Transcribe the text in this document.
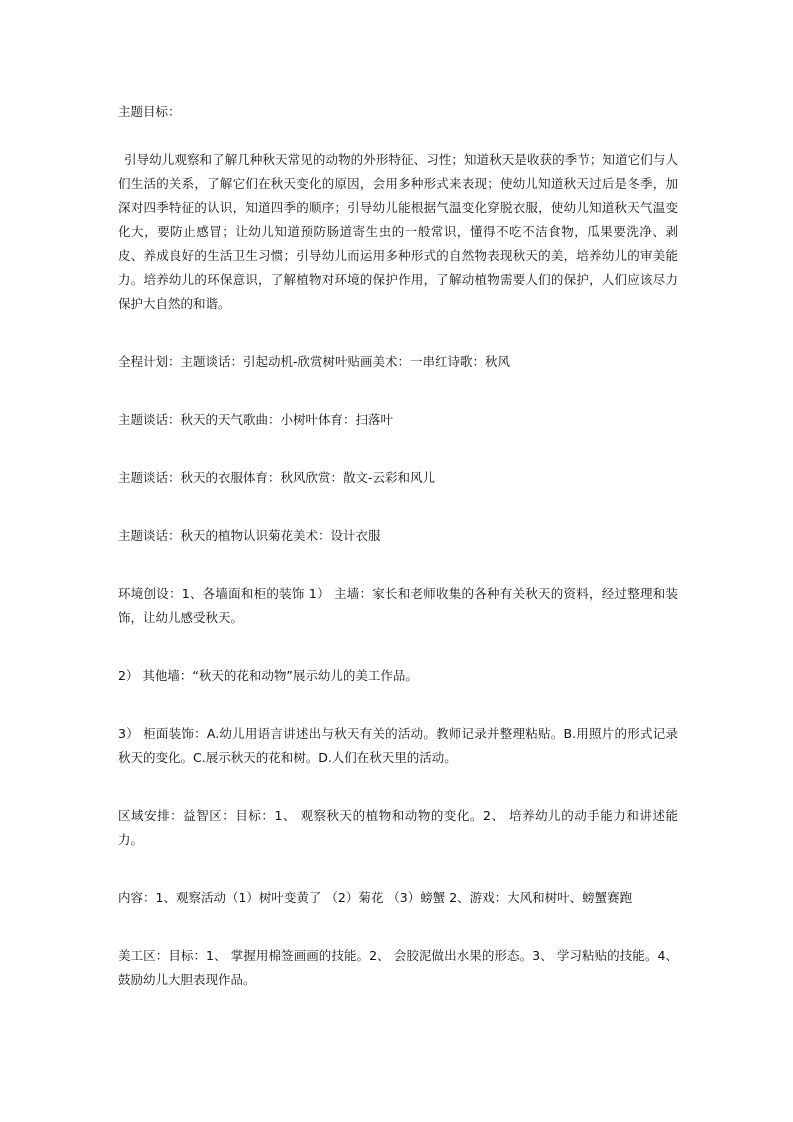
主题目标：

引导幼儿观察和了解几种秋天常见的动物的外形特征、习性；知道秋天是收获的季节；知道它们与人们生活的关系，了解它们在秋天变化的原因，会用多种形式来表现；使幼儿知道秋天过后是冬季，加深对四季特征的认识，知道四季的顺序；引导幼儿能根据气温变化穿脱衣服，使幼儿知道秋天气温变化大，要防止感冒；让幼儿知道预防肠道寄生虫的一般常识，懂得不吃不洁食物，瓜果要洗净、剥皮、养成良好的生活卫生习惯；引导幼儿而运用多种形式的自然物表现秋天的美，培养幼儿的审美能力。培养幼儿的环保意识，了解植物对环境的保护作用，了解动植物需要人们的保护，人们应该尽力保护大自然的和谐。

全程计划：主题谈话：引起动机-欣赏树叶贴画美术：一串红诗歌：秋风

主题谈话：秋天的天气歌曲：小树叶体育：扫落叶

主题谈话：秋天的衣服体育：秋风欣赏：散文-云彩和风儿

主题谈话：秋天的植物认识菊花美术：设计衣服

环境创设：1、各墙面和柜的装饰 1） 主墙：家长和老师收集的各种有关秋天的资料，经过整理和装饰，让幼儿感受秋天。

2） 其他墙：“秋天的花和动物”展示幼儿的美工作品。

3） 柜面装饰：A.幼儿用语言讲述出与秋天有关的活动。教师记录并整理粘贴。B.用照片的形式记录秋天的变化。C.展示秋天的花和树。D.人们在秋天里的活动。

区域安排：益智区：目标：1、 观察秋天的植物和动物的变化。2、 培养幼儿的动手能力和讲述能力。

内容：1、观察活动（1）树叶变黄了 （2）菊花 （3）螃蟹 2、游戏：大风和树叶、螃蟹赛跑

美工区：目标：1、 掌握用棉签画画的技能。2、 会胶泥做出水果的形态。3、 学习粘贴的技能。4、 鼓励幼儿大胆表现作品。
